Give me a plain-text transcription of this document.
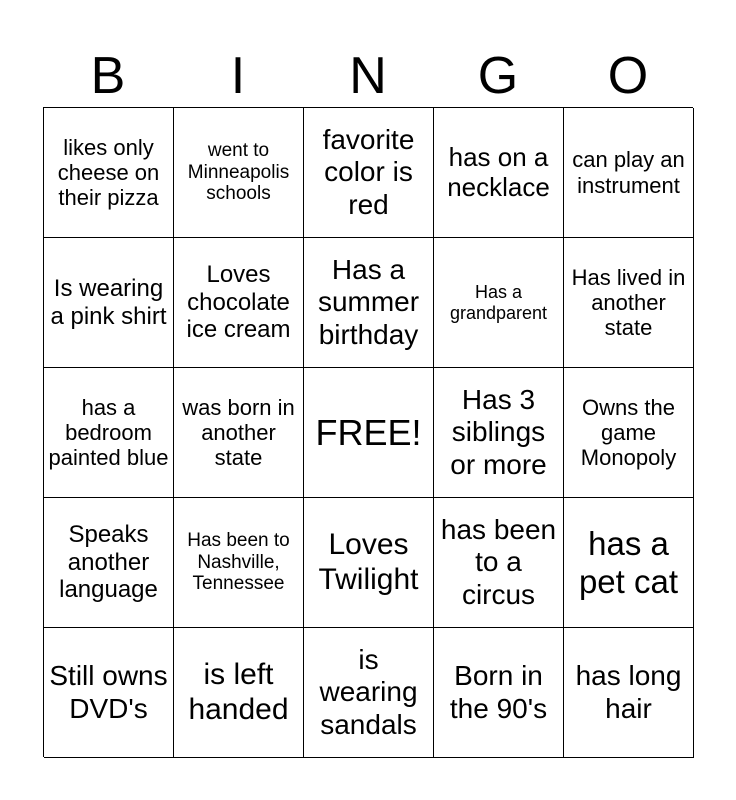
B	I	N	G	O
likes only cheese on their pizza
went to Minneapolis schools
favorite color is red
has on a necklace
can play an instrument
Is wearing a pink shirt
Loves chocolate ice cream
Has a summer birthday
Has a grandparent
Has lived in another state
has a bedroom painted blue
was born in another state
FREE!
Has 3 siblings or more
Owns the game Monopoly
Speaks another language
Has been to Nashville, Tennessee
Loves Twilight
has been to a circus
has a pet cat
Still owns DVD's
is left handed
is wearing sandals
Born in the 90's
has long hair
